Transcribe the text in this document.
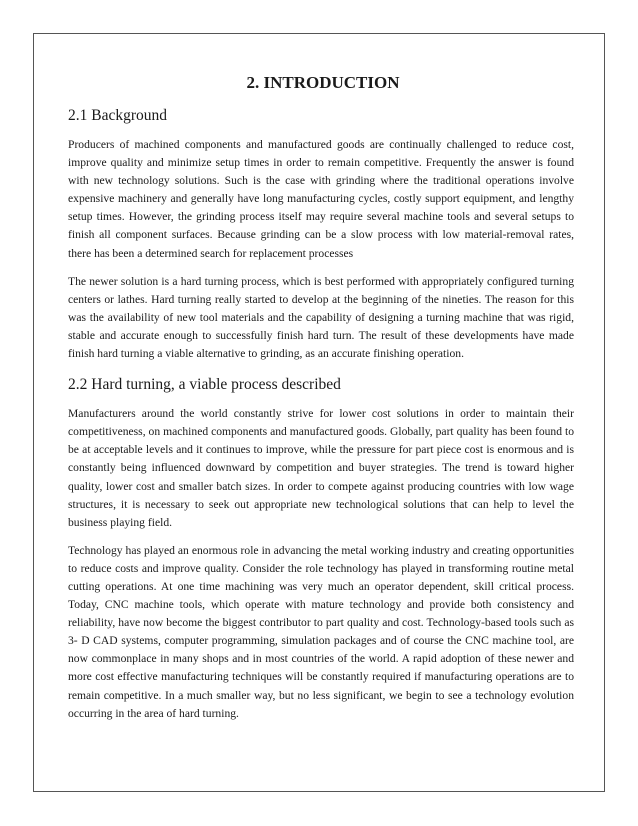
2. INTRODUCTION
2.1 Background

Producers of machined components and manufactured goods are continually challenged to reduce cost, improve quality and minimize setup times in order to remain competitive. Frequently the answer is found with new technology solutions. Such is the case with grinding where the traditional operations involve expensive machinery and generally have long manufacturing cycles, costly support equipment, and lengthy setup times. However, the grinding process itself may require several machine tools and several setups to finish all component surfaces. Because grinding can be a slow process with low material-removal rates, there has been a determined search for replacement processes

The newer solution is a hard turning process, which is best performed with appropriately configured turning centers or lathes. Hard turning really started to develop at the beginning of the nineties. The reason for this was the availability of new tool materials and the capability of designing a turning machine that was rigid, stable and accurate enough to successfully finish hard turn. The result of these developments have made finish hard turning a viable alternative to grinding, as an accurate finishing operation.

2.2 Hard turning, a viable process described

Manufacturers around the world constantly strive for lower cost solutions in order to maintain their competitiveness, on machined components and manufactured goods. Globally, part quality has been found to be at acceptable levels and it continues to improve, while the pressure for part piece cost is enormous and is constantly being influenced downward by competition and buyer strategies. The trend is toward higher quality, lower cost and smaller batch sizes. In order to compete against producing countries with low wage structures, it is necessary to seek out appropriate new technological solutions that can help to level the business playing field.

Technology has played an enormous role in advancing the metal working industry and creating opportunities to reduce costs and improve quality. Consider the role technology has played in transforming routine metal cutting operations. At one time machining was very much an operator dependent, skill critical process. Today, CNC machine tools, which operate with mature technology and provide both consistency and reliability, have now become the biggest contributor to part quality and cost. Technology-based tools such as 3- D CAD systems, computer programming, simulation packages and of course the CNC machine tool, are now commonplace in many shops and in most countries of the world. A rapid adoption of these newer and more cost effective manufacturing techniques will be constantly required if manufacturing operations are to remain competitive. In a much smaller way, but no less significant, we begin to see a technology evolution occurring in the area of hard turning.
